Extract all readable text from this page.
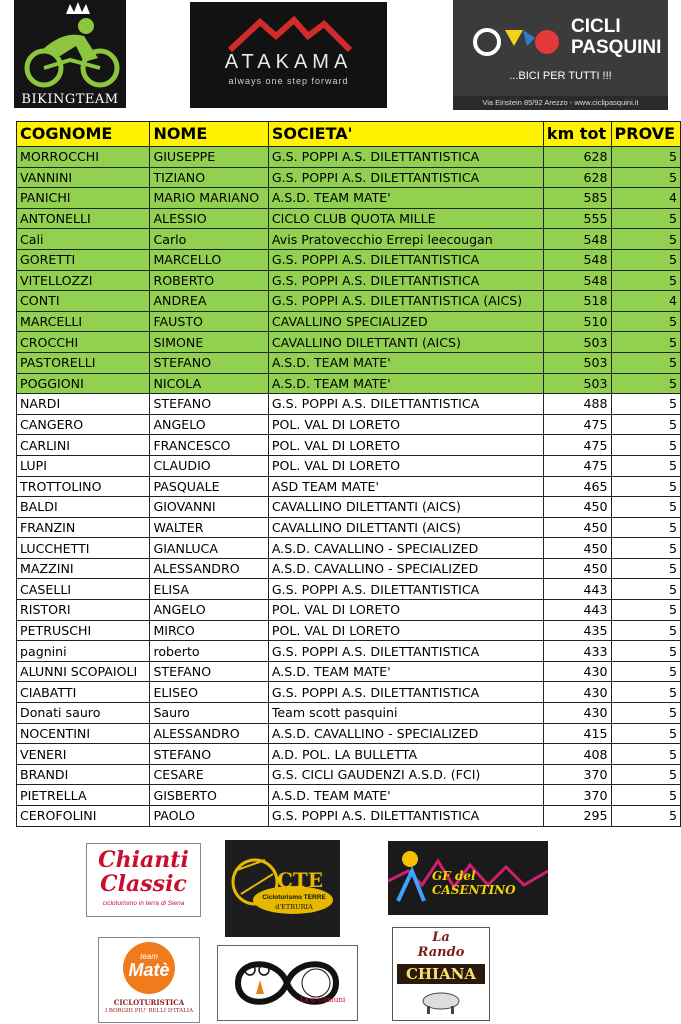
BIKINGTEAM
ATAKAMA
always one step forward
CICLI
PASQUINI
...BICI PER TUTTI !!!
Via Einstein 85/92 Arezzo - www.ciclipasquini.it
COGNOME	NOME	SOCIETA'	km tot	PROVE
MORROCCHI	GIUSEPPE	G.S. POPPI A.S. DILETTANTISTICA	628	5
VANNINI	TIZIANO	G.S. POPPI A.S. DILETTANTISTICA	628	5
PANICHI	MARIO MARIANO	A.S.D. TEAM MATE'	585	4
ANTONELLI	ALESSIO	CICLO CLUB QUOTA MILLE	555	5
Cali	Carlo	Avis Pratovecchio Errepi leecougan	548	5
GORETTI	MARCELLO	G.S. POPPI A.S. DILETTANTISTICA	548	5
VITELLOZZI	ROBERTO	G.S. POPPI A.S. DILETTANTISTICA	548	5
CONTI	ANDREA	G.S. POPPI A.S. DILETTANTISTICA (AICS)	518	4
MARCELLI	FAUSTO	CAVALLINO SPECIALIZED	510	5
CROCCHI	SIMONE	CAVALLINO DILETTANTI (AICS)	503	5
PASTORELLI	STEFANO	A.S.D. TEAM MATE'	503	5
POGGIONI	NICOLA	A.S.D. TEAM MATE'	503	5
NARDI	STEFANO	G.S. POPPI A.S. DILETTANTISTICA	488	5
CANGERO	ANGELO	POL. VAL DI LORETO	475	5
CARLINI	FRANCESCO	POL. VAL DI LORETO	475	5
LUPI	CLAUDIO	POL. VAL DI LORETO	475	5
TROTTOLINO	PASQUALE	ASD TEAM MATE'	465	5
BALDI	GIOVANNI	CAVALLINO DILETTANTI (AICS)	450	5
FRANZIN	WALTER	CAVALLINO DILETTANTI (AICS)	450	5
LUCCHETTI	GIANLUCA	A.S.D. CAVALLINO - SPECIALIZED	450	5
MAZZINI	ALESSANDRO	A.S.D. CAVALLINO - SPECIALIZED	450	5
CASELLI	ELISA	G.S. POPPI A.S. DILETTANTISTICA	443	5
RISTORI	ANGELO	POL. VAL DI LORETO	443	5
PETRUSCHI	MIRCO	POL. VAL DI LORETO	435	5
pagnini	roberto	G.S. POPPI A.S. DILETTANTISTICA	433	5
ALUNNI SCOPAIOLI	STEFANO	A.S.D. TEAM MATE'	430	5
CIABATTI	ELISEO	G.S. POPPI A.S. DILETTANTISTICA	430	5
Donati sauro	Sauro	Team scott pasquini	430	5
NOCENTINI	ALESSANDRO	A.S.D. CAVALLINO - SPECIALIZED	415	5
VENERI	STEFANO	A.D. POL. LA BULLETTA	408	5
BRANDI	CESARE	G.S. CICLI GAUDENZI A.S.D. (FCI)	370	5
PIETRELLA	GISBERTO	A.S.D. TEAM MATE'	370	5
CEROFOLINI	PAOLO	G.S. POPPI A.S. DILETTANTISTICA	295	5
Chianti
Classic
cicloturismo in terra di Siena
CTE
Cicloturismo TERRE
d'ETRURIA
GF del CASENTINO
team
Matè
CICLOTURISTICA
I BORGHI PIU' BELLI D'ITALIA
La 8 Comuni
La
Rando
CHIANA
